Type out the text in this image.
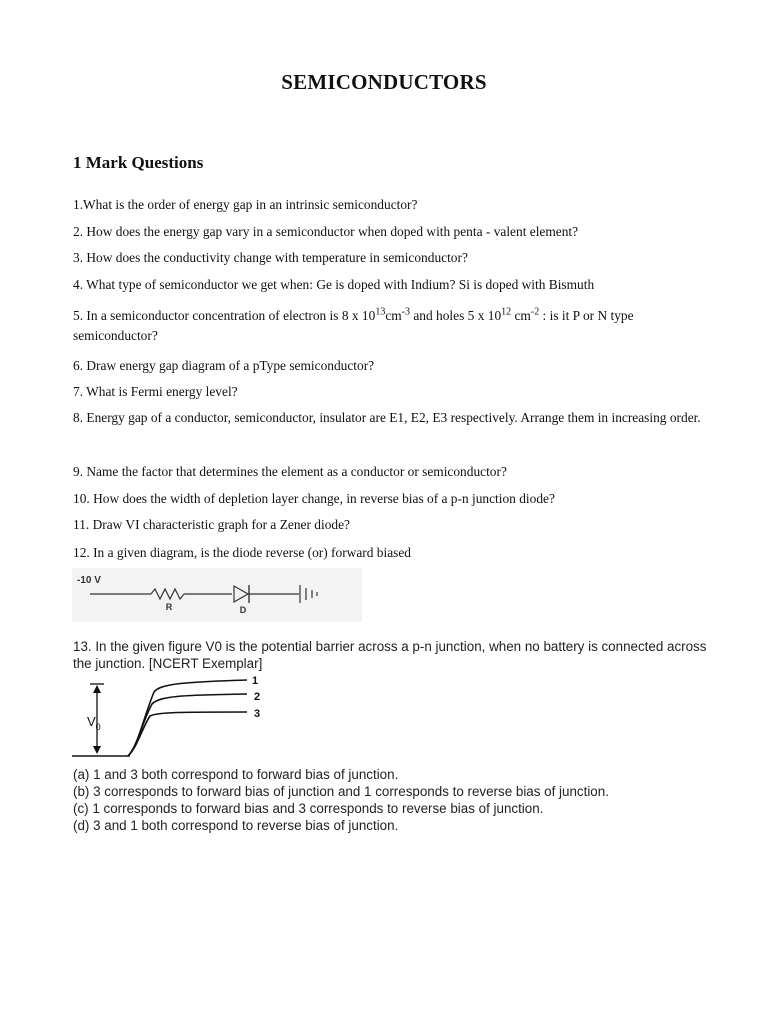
SEMICONDUCTORS
1 Mark Questions
1.What is the order of energy gap in an intrinsic semiconductor?
2. How does the energy gap vary in a semiconductor when doped with penta - valent element?
3. How does the conductivity change with temperature in semiconductor?
4. What type of semiconductor we get when: Ge is doped with Indium? Si is doped with Bismuth
5. In a semiconductor concentration of electron is 8 x $10^{13}cm^{-3}$ and holes 5 x $10^{12}$ $cm^{-2}$ : is it P or N type semiconductor?
6. Draw energy gap diagram of a pType semiconductor?
7. What is Fermi energy level?
8. Energy gap of a conductor, semiconductor, insulator are E1, E2, E3 respectively. Arrange them in increasing order.
9. Name the factor that determines the element as a conductor or semiconductor?
10. How does the width of depletion layer change, in reverse bias of a p-n junction diode?
11. Draw VI characteristic graph for a Zener diode?
12. In a given diagram, is the diode reverse (or) forward biased
-10 V
R	D
13. In the given figure V0 is the potential barrier across a p-n junction, when no battery is connected across the junction. [NCERT Exemplar]
$V_0$
1
2
3
(a) 1 and 3 both correspond to forward bias of junction.
(b) 3 corresponds to forward bias of junction and 1 corresponds to reverse bias of junction.
(c) 1 corresponds to forward bias and 3 corresponds to reverse bias of junction.
(d) 3 and 1 both correspond to reverse bias of junction.
